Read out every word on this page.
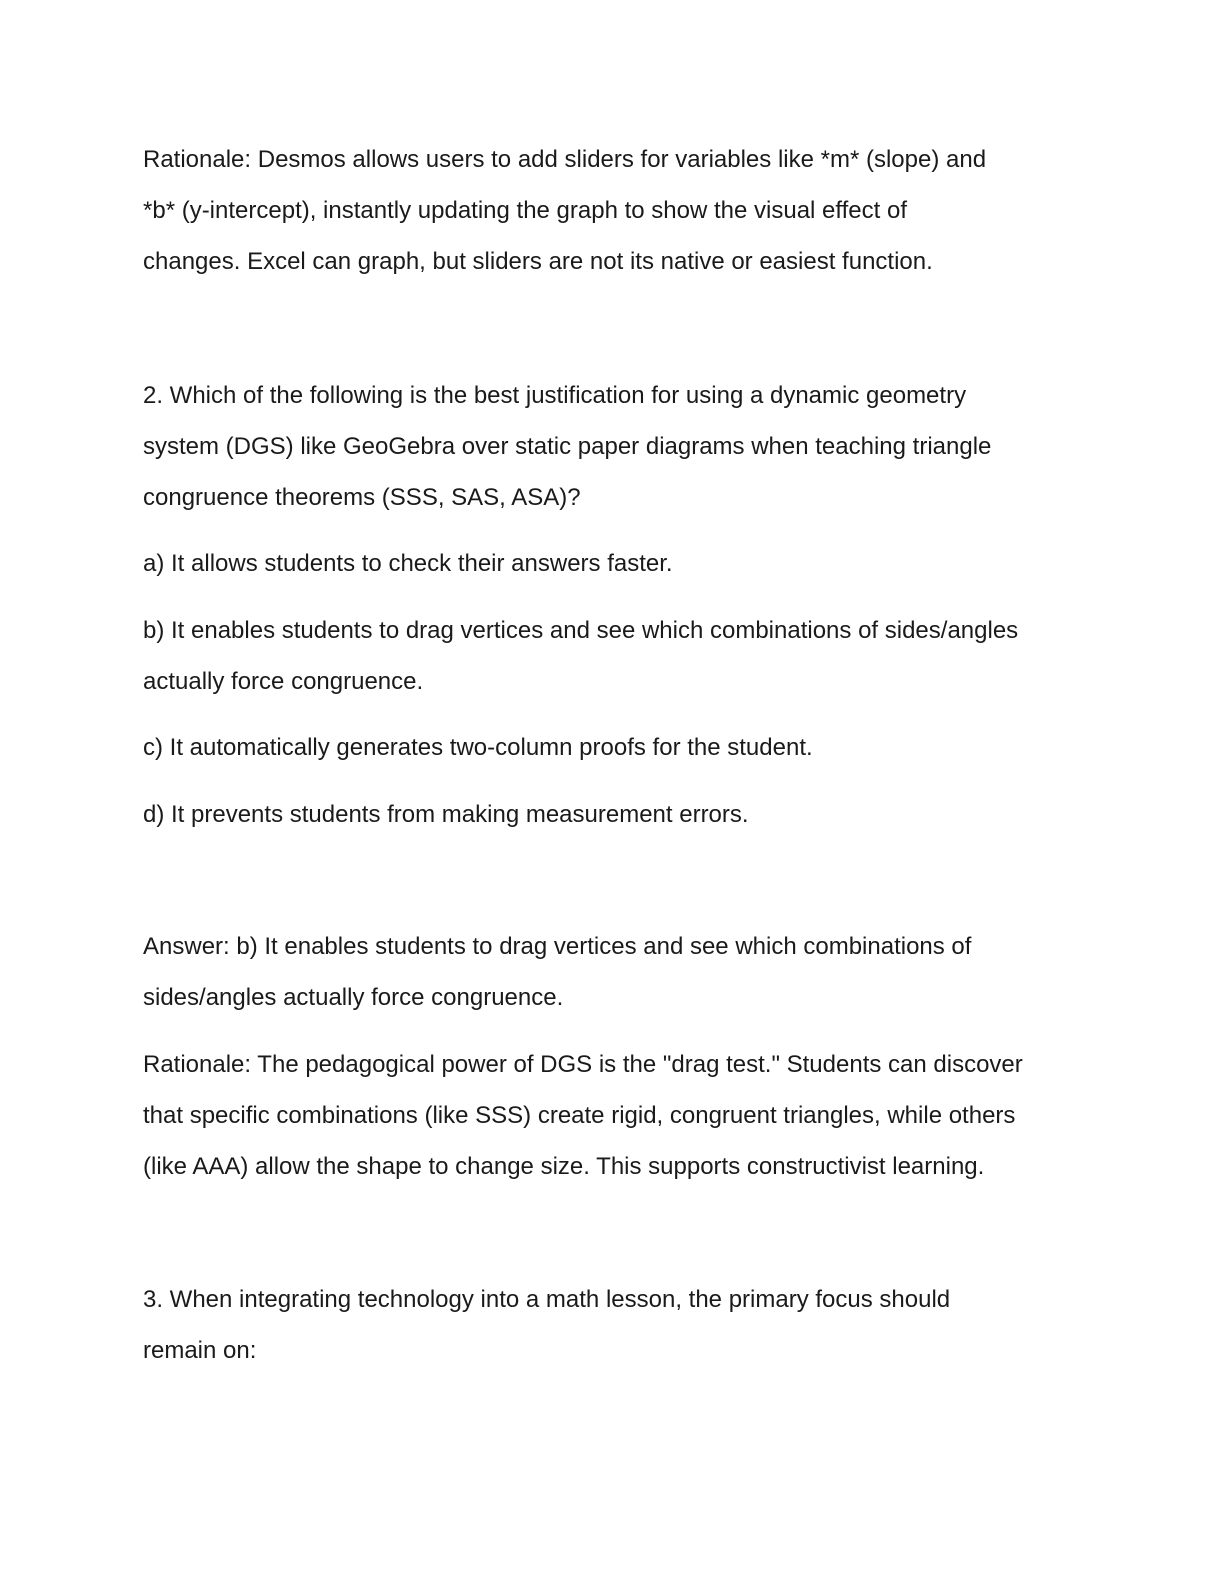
Rationale: Desmos allows users to add sliders for variables like *m* (slope) and
*b* (y-intercept), instantly updating the graph to show the visual effect of
changes. Excel can graph, but sliders are not its native or easiest function.

2. Which of the following is the best justification for using a dynamic geometry
system (DGS) like GeoGebra over static paper diagrams when teaching triangle
congruence theorems (SSS, SAS, ASA)?

a) It allows students to check their answers faster.

b) It enables students to drag vertices and see which combinations of sides/angles
actually force congruence.

c) It automatically generates two-column proofs for the student.

d) It prevents students from making measurement errors.

Answer: b) It enables students to drag vertices and see which combinations of
sides/angles actually force congruence.

Rationale: The pedagogical power of DGS is the "drag test." Students can discover
that specific combinations (like SSS) create rigid, congruent triangles, while others
(like AAA) allow the shape to change size. This supports constructivist learning.

3. When integrating technology into a math lesson, the primary focus should
remain on:
